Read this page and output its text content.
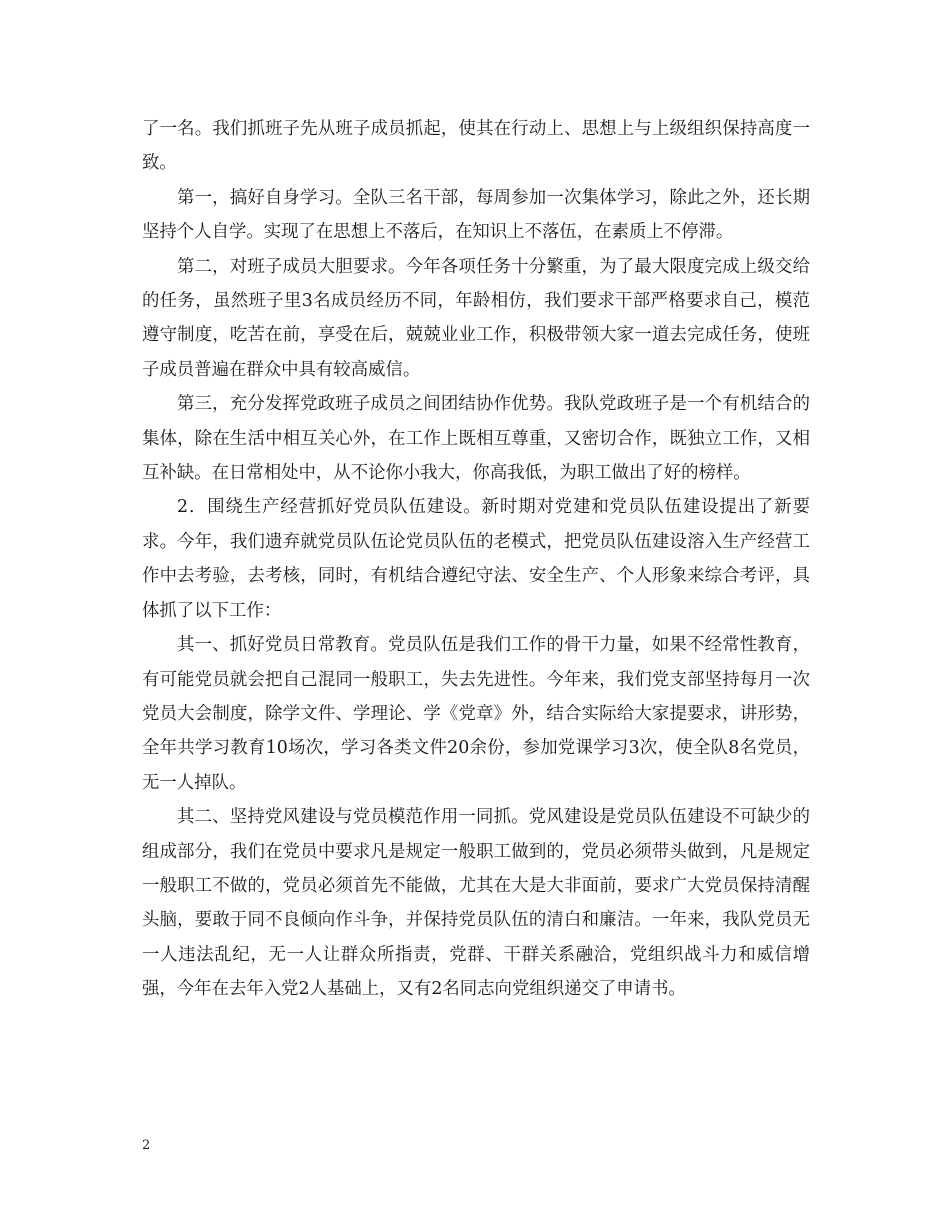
了一名。我们抓班子先从班子成员抓起，使其在行动上、思想上与上级组织保持高度一致。

第一，搞好自身学习。全队三名干部，每周参加一次集体学习，除此之外，还长期坚持个人自学。实现了在思想上不落后，在知识上不落伍，在素质上不停滞。

第二，对班子成员大胆要求。今年各项任务十分繁重，为了最大限度完成上级交给的任务，虽然班子里3名成员经历不同，年龄相仿，我们要求干部严格要求自己，模范遵守制度，吃苦在前，享受在后，兢兢业业工作，积极带领大家一道去完成任务，使班子成员普遍在群众中具有较高威信。

第三，充分发挥党政班子成员之间团结协作优势。我队党政班子是一个有机结合的集体，除在生活中相互关心外，在工作上既相互尊重，又密切合作，既独立工作，又相互补缺。在日常相处中，从不论你小我大，你高我低，为职工做出了好的榜样。

2．围绕生产经营抓好党员队伍建设。新时期对党建和党员队伍建设提出了新要求。今年，我们遗弃就党员队伍论党员队伍的老模式，把党员队伍建设溶入生产经营工作中去考验，去考核，同时，有机结合遵纪守法、安全生产、个人形象来综合考评，具体抓了以下工作：

其一、抓好党员日常教育。党员队伍是我们工作的骨干力量，如果不经常性教育，有可能党员就会把自己混同一般职工，失去先进性。今年来，我们党支部坚持每月一次党员大会制度，除学文件、学理论、学《党章》外，结合实际给大家提要求，讲形势，全年共学习教育10场次，学习各类文件20余份，参加党课学习3次，使全队8名党员，无一人掉队。

其二、坚持党风建设与党员模范作用一同抓。党风建设是党员队伍建设不可缺少的组成部分，我们在党员中要求凡是规定一般职工做到的，党员必须带头做到，凡是规定一般职工不做的，党员必须首先不能做，尤其在大是大非面前，要求广大党员保持清醒头脑，要敢于同不良倾向作斗争，并保持党员队伍的清白和廉洁。一年来，我队党员无一人违法乱纪，无一人让群众所指责，党群、干群关系融洽，党组织战斗力和威信增强，今年在去年入党2人基础上，又有2名同志向党组织递交了申请书。

2
